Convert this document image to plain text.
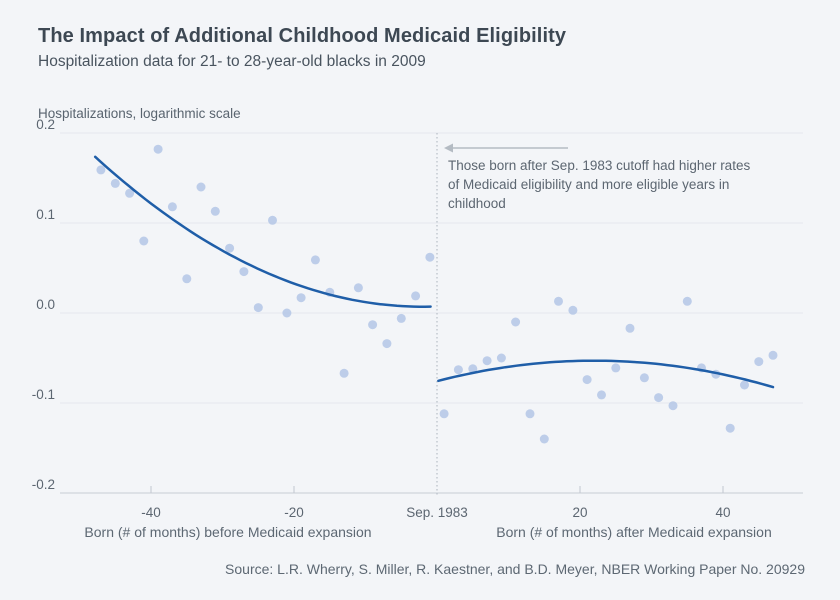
0.2
0.1
0.0
-0.1
-0.2
-40	-20	Sep. 1983	20	40
The Impact of Additional Childhood Medicaid Eligibility
Hospitalization data for 21- to 28-year-old blacks in 2009
Hospitalizations, logarithmic scale
Those born after Sep. 1983 cutoff had higher rates of Medicaid eligibility and more eligible years in childhood
Born (# of months) before Medicaid expansion	Born (# of months) after Medicaid expansion
Source: L.R. Wherry, S. Miller, R. Kaestner, and B.D. Meyer, NBER Working Paper No. 20929
